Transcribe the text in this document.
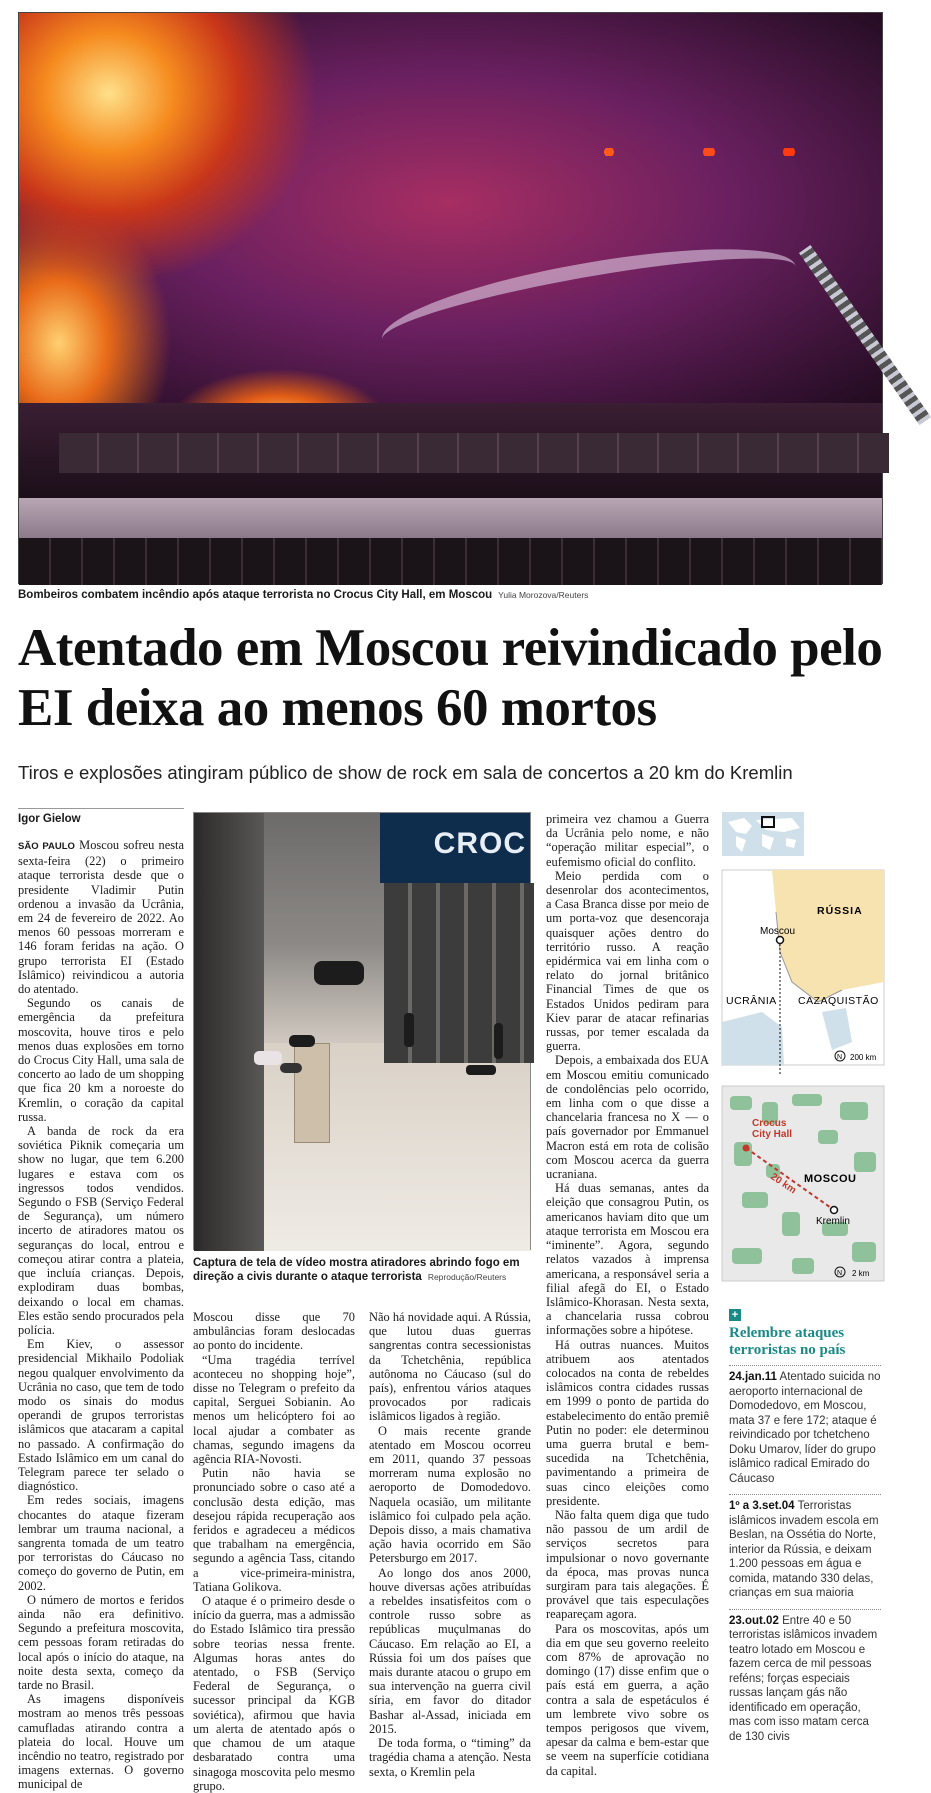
Bombeiros combatem incêndio após ataque terrorista no Crocus City Hall, em Moscou Yulia Morozova/Reuters
Atentado em Moscou reivindicado pelo EI deixa ao menos 60 mortos
Tiros e explosões atingiram público de show de rock em sala de concertos a 20 km do Kremlin
Igor Gielow

SÃO PAULO Moscou sofreu nesta sexta-feira (22) o primeiro ataque terrorista desde que o presidente Vladimir Putin ordenou a invasão da Ucrânia, em 24 de fevereiro de 2022. Ao menos 60 pessoas morreram e 146 foram feridas na ação. O grupo terrorista EI (Estado Islâmico) reivindicou a autoria do atentado.

Segundo os canais de emergência da prefeitura moscovita, houve tiros e pelo menos duas explosões em torno do Crocus City Hall, uma sala de concerto ao lado de um shopping que fica 20 km a noroeste do Kremlin, o coração da capital russa.

A banda de rock da era soviética Piknik começaria um show no lugar, que tem 6.200 lugares e estava com os ingressos todos vendidos. Segundo o FSB (Serviço Federal de Segurança), um número incerto de atiradores matou os seguranças do local, entrou e começou atirar contra a plateia, que incluía crianças. Depois, explodiram duas bombas, deixando o local em chamas. Eles estão sendo procurados pela polícia.

Em Kiev, o assessor presidencial Mikhailo Podoliak negou qualquer envolvimento da Ucrânia no caso, que tem de todo modo os sinais do modus operandi de grupos terroristas islâmicos que atacaram a capital no passado. A confirmação do Estado Islâmico em um canal do Telegram parece ter selado o diagnóstico.

Em redes sociais, imagens chocantes do ataque fizeram lembrar um trauma nacional, a sangrenta tomada de um teatro por terroristas do Cáucaso no começo do governo de Putin, em 2002.

O número de mortos e feridos ainda não era definitivo. Segundo a prefeitura moscovita, cem pessoas foram retiradas do local após o início do ataque, na noite desta sexta, começo da tarde no Brasil.

As imagens disponíveis mostram ao menos três pessoas camufladas atirando contra a plateia do local. Houve um incêndio no teatro, registrado por imagens externas. O governo municipal de

CROC
Captura de tela de vídeo mostra atiradores abrindo fogo em direção a civis durante o ataque terrorista Reprodução/Reuters

Moscou disse que 70 ambulâncias foram deslocadas ao ponto do incidente.

“Uma tragédia terrível aconteceu no shopping hoje”, disse no Telegram o prefeito da capital, Serguei Sobianin. Ao menos um helicóptero foi ao local ajudar a combater as chamas, segundo imagens da agência RIA-Novosti.

Putin não havia se pronunciado sobre o caso até a conclusão desta edição, mas desejou rápida recuperação aos feridos e agradeceu a médicos que trabalham na emergência, segundo a agência Tass, citando a vice-primeira-ministra, Tatiana Golikova.

O ataque é o primeiro desde o início da guerra, mas a admissão do Estado Islâmico tira pressão sobre teorias nessa frente. Algumas horas antes do atentado, o FSB (Serviço Federal de Segurança, o sucessor principal da KGB soviética), afirmou que havia um alerta de atentado após o que chamou de um ataque desbaratado contra uma sinagoga moscovita pelo mesmo grupo.

Não há novidade aqui. A Rússia, que lutou duas guerras sangrentas contra secessionistas da Tchetchênia, república autônoma no Cáucaso (sul do país), enfrentou vários ataques provocados por radicais islâmicos ligados à região.

O mais recente grande atentado em Moscou ocorreu em 2011, quando 37 pessoas morreram numa explosão no aeroporto de Domodedovo. Naquela ocasião, um militante islâmico foi culpado pela ação. Depois disso, a mais chamativa ação havia ocorrido em São Petersburgo em 2017.

Ao longo dos anos 2000, houve diversas ações atribuídas a rebeldes insatisfeitos com o controle russo sobre as repúblicas muçulmanas do Cáucaso. Em relação ao EI, a Rússia foi um dos países que mais durante atacou o grupo em sua intervenção na guerra civil síria, em favor do ditador Bashar al-Assad, iniciada em 2015.

De toda forma, o “timing” da tragédia chama a atenção. Nesta sexta, o Kremlin pela

primeira vez chamou a Guerra da Ucrânia pelo nome, e não “operação militar especial”, o eufemismo oficial do conflito.

Meio perdida com o desenrolar dos acontecimentos, a Casa Branca disse por meio de um porta-voz que desencoraja quaisquer ações dentro do território russo. A reação epidérmica vai em linha com o relato do jornal britânico Financial Times de que os Estados Unidos pediram para Kiev parar de atacar refinarias russas, por temer escalada da guerra.

Depois, a embaixada dos EUA em Moscou emitiu comunicado de condolências pelo ocorrido, em linha com o que disse a chancelaria francesa no X — o país governador por Emmanuel Macron está em rota de colisão com Moscou acerca da guerra ucraniana.

Há duas semanas, antes da eleição que consagrou Putin, os americanos haviam dito que um ataque terrorista em Moscou era “iminente”. Agora, segundo relatos vazados à imprensa americana, a responsável seria a filial afegã do EI, o Estado Islâmico-Khorasan. Nesta sexta, a chancelaria russa cobrou informações sobre a hipótese.

Há outras nuances. Muitos atribuem aos atentados colocados na conta de rebeldes islâmicos contra cidades russas em 1999 o ponto de partida do estabelecimento do então premiê Putin no poder: ele determinou uma guerra brutal e bem-sucedida na Tchetchênia, pavimentando a primeira de suas cinco eleições como presidente.

Não falta quem diga que tudo não passou de um ardil de serviços secretos para impulsionar o novo governante da época, mas provas nunca surgiram para tais alegações. É provável que tais especulações reapareçam agora.

Para os moscovitas, após um dia em que seu governo reeleito com 87% de aprovação no domingo (17) disse enfim que o país está em guerra, a ação contra a sala de espetáculos é um lembrete vivo sobre os tempos perigosos que vivem, apesar da calma e bem-estar que se veem na superfície cotidiana da capital.

RÚSSIA
Moscou
UCRÂNIA CAZAQUISTÃO
N 200 km
Crocus City Hall
20 km MOSCOU
Kremlin
N 2 km
+
Relembre ataques terroristas no país
24.jan.11 Atentado suicida no aeroporto internacional de Domodedovo, em Moscou, mata 37 e fere 172; ataque é reivindicado por tchetcheno Doku Umarov, líder do grupo islâmico radical Emirado do Cáucaso
1º a 3.set.04 Terroristas islâmicos invadem escola em Beslan, na Ossétia do Norte, interior da Rússia, e deixam 1.200 pessoas em água e comida, matando 330 delas, crianças em sua maioria
23.out.02 Entre 40 e 50 terroristas islâmicos invadem teatro lotado em Moscou e fazem cerca de mil pessoas reféns; forças especiais russas lançam gás não identificado em operação, mas com isso matam cerca de 130 civis
